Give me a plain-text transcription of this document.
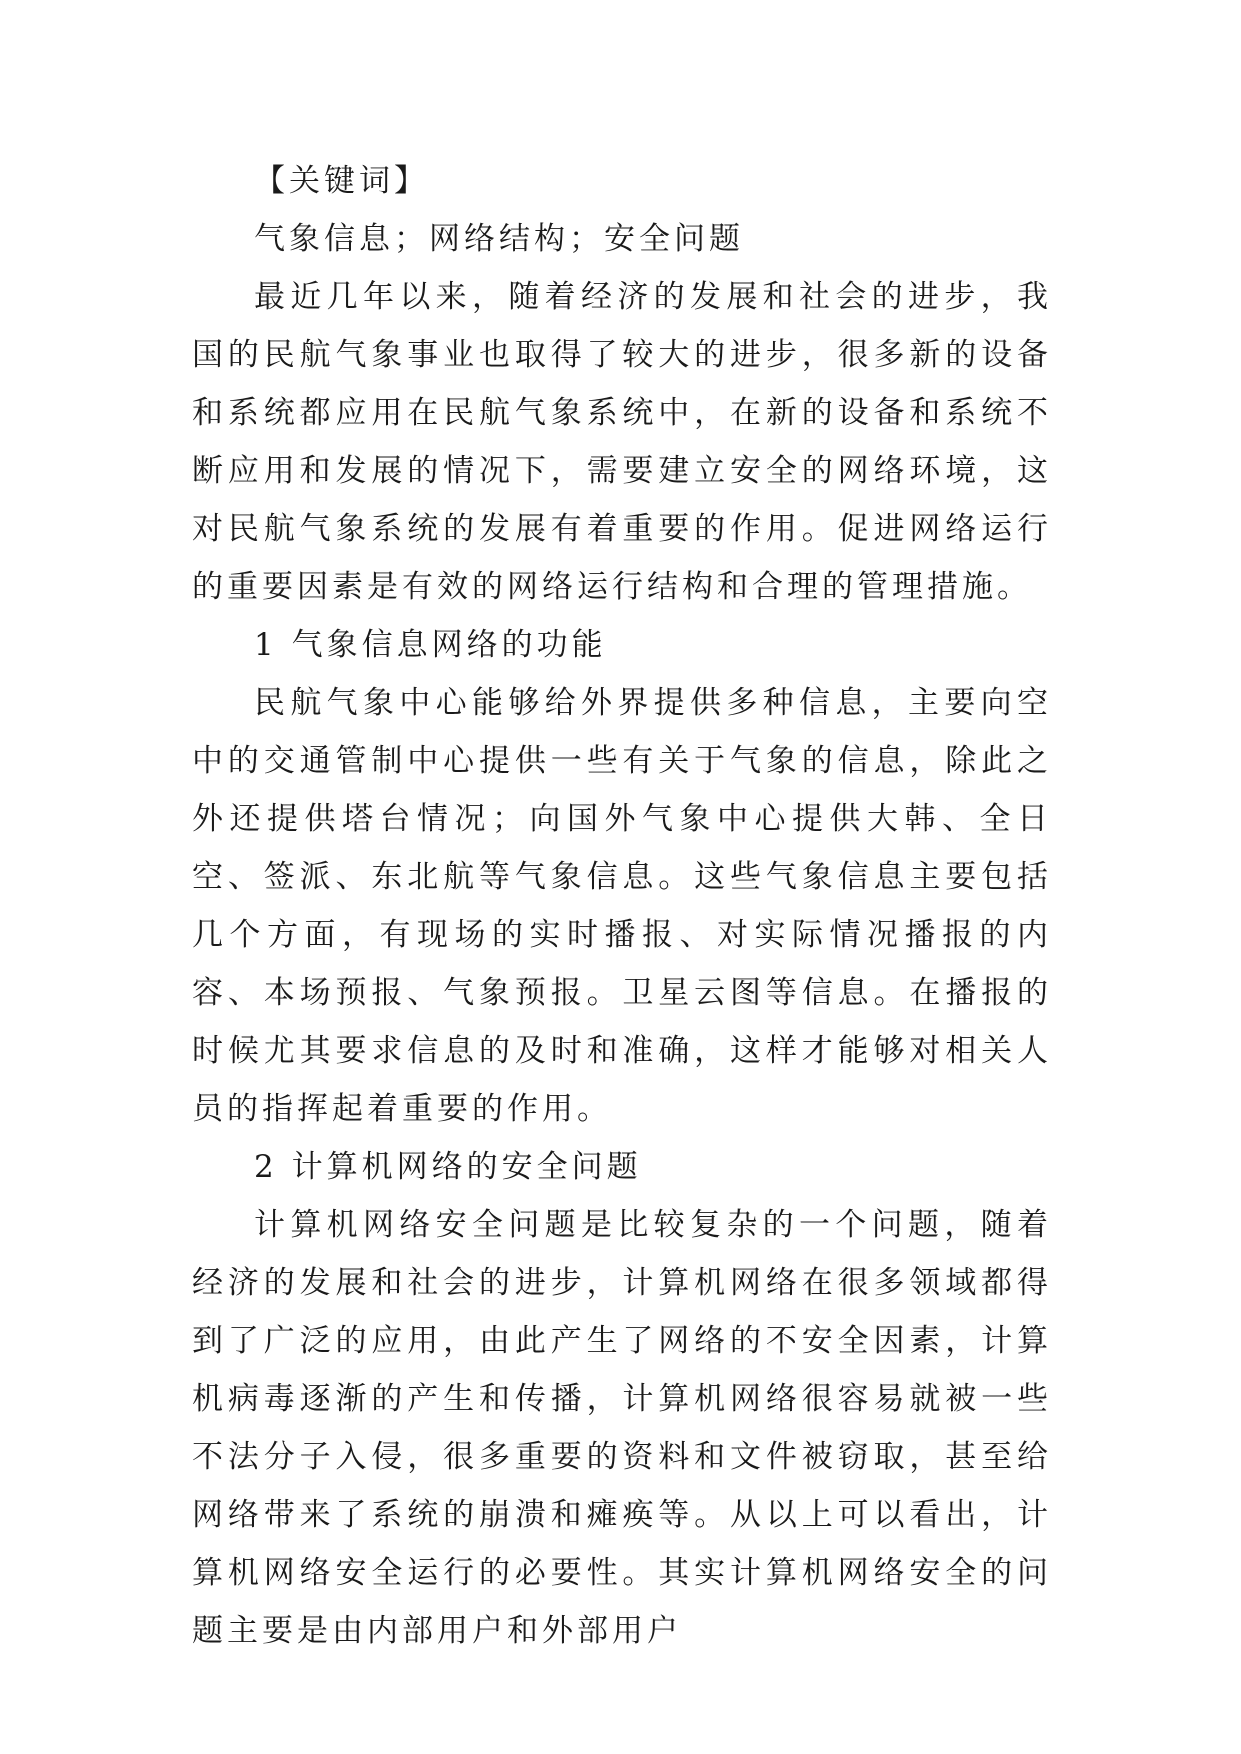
【关键词】

气象信息；网络结构；安全问题

最近几年以来，随着经济的发展和社会的进步，我国的民航气象事业也取得了较大的进步，很多新的设备和系统都应用在民航气象系统中，在新的设备和系统不断应用和发展的情况下，需要建立安全的网络环境，这对民航气象系统的发展有着重要的作用。促进网络运行的重要因素是有效的网络运行结构和合理的管理措施。

1 气象信息网络的功能

民航气象中心能够给外界提供多种信息，主要向空中的交通管制中心提供一些有关于气象的信息，除此之外还提供塔台情况；向国外气象中心提供大韩、全日空、签派、东北航等气象信息。这些气象信息主要包括几个方面，有现场的实时播报、对实际情况播报的内容、本场预报、气象预报。卫星云图等信息。在播报的时候尤其要求信息的及时和准确，这样才能够对相关人员的指挥起着重要的作用。

2 计算机网络的安全问题

计算机网络安全问题是比较复杂的一个问题，随着经济的发展和社会的进步，计算机网络在很多领域都得到了广泛的应用，由此产生了网络的不安全因素，计算机病毒逐渐的产生和传播，计算机网络很容易就被一些不法分子入侵，很多重要的资料和文件被窃取，甚至给网络带来了系统的崩溃和瘫痪等。从以上可以看出，计算机网络安全运行的必要性。其实计算机网络安全的问题主要是由内部用户和外部用户
